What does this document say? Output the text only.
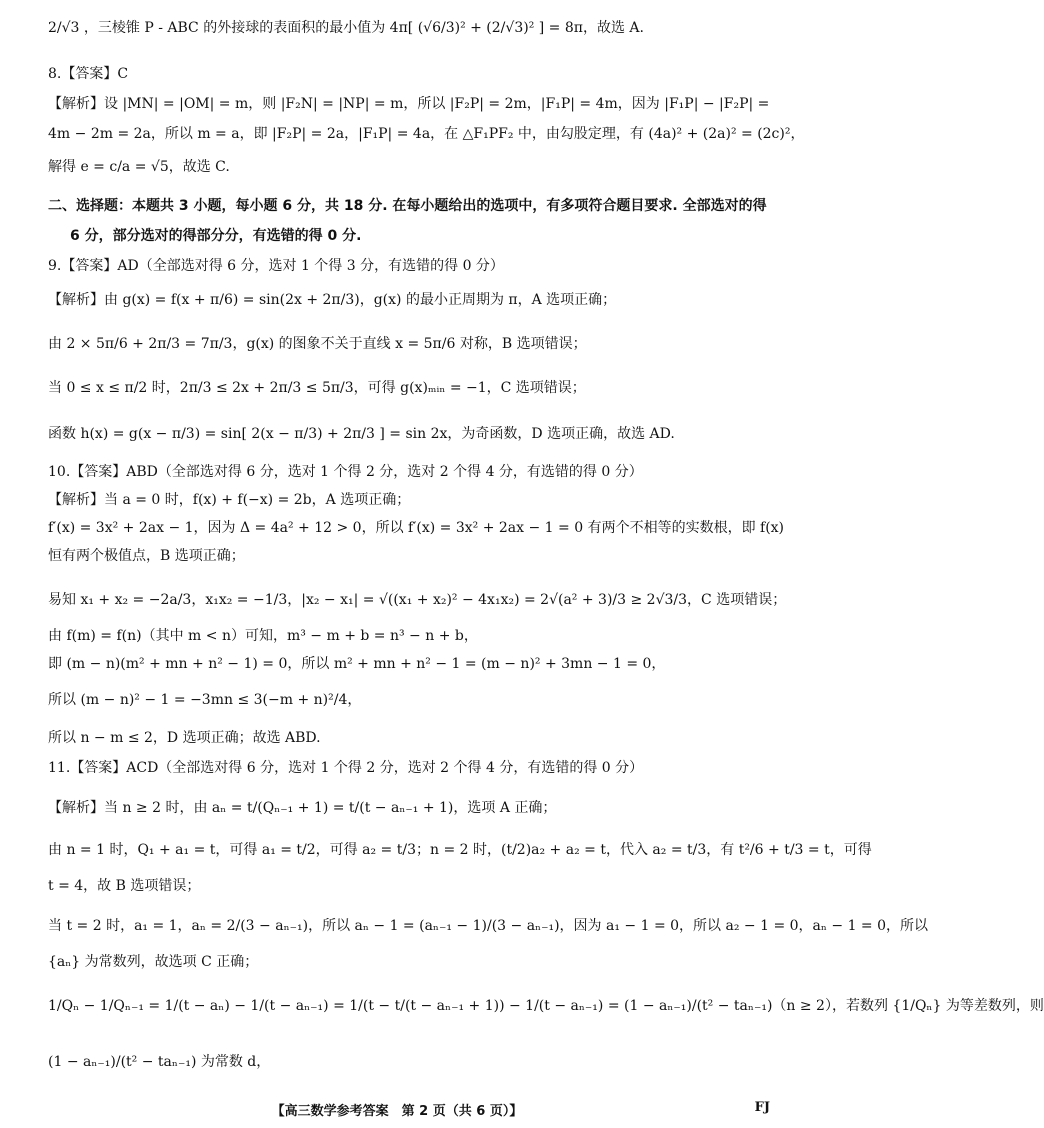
2/√3 ，三棱锥 P - ABC 的外接球的表面积的最小值为 4π[ (√6/3)² + (2/√3)² ] = 8π，故选 A.
8.【答案】C
【解析】设 |MN| = |OM| = m，则 |F₂N| = |NP| = m，所以 |F₂P| = 2m，|F₁P| = 4m，因为 |F₁P| − |F₂P| =
4m − 2m = 2a，所以 m = a，即 |F₂P| = 2a，|F₁P| = 4a，在 △F₁PF₂ 中，由勾股定理，有 (4a)² + (2a)² = (2c)²，
解得 e = c/a = √5，故选 C.
二、选择题：本题共 3 小题，每小题 6 分，共 18 分. 在每小题给出的选项中，有多项符合题目要求. 全部选对的得
6 分，部分选对的得部分分，有选错的得 0 分.
9.【答案】AD（全部选对得 6 分，选对 1 个得 3 分，有选错的得 0 分）
【解析】由 g(x) = f(x + π/6) = sin(2x + 2π/3)，g(x) 的最小正周期为 π，A 选项正确；
由 2 × 5π/6 + 2π/3 = 7π/3，g(x) 的图象不关于直线 x = 5π/6 对称，B 选项错误；
当 0 ≤ x ≤ π/2 时，2π/3 ≤ 2x + 2π/3 ≤ 5π/3，可得 g(x)ₘᵢₙ = −1，C 选项错误；
函数 h(x) = g(x − π/3) = sin[ 2(x − π/3) + 2π/3 ] = sin 2x，为奇函数，D 选项正确，故选 AD.
10.【答案】ABD（全部选对得 6 分，选对 1 个得 2 分，选对 2 个得 4 分，有选错的得 0 分）
【解析】当 a = 0 时，f(x) + f(−x) = 2b，A 选项正确；
f′(x) = 3x² + 2ax − 1，因为 Δ = 4a² + 12 > 0，所以 f′(x) = 3x² + 2ax − 1 = 0 有两个不相等的实数根，即 f(x)
恒有两个极值点，B 选项正确；
易知 x₁ + x₂ = −2a/3，x₁x₂ = −1/3，|x₂ − x₁| = √((x₁ + x₂)² − 4x₁x₂) = 2√(a² + 3)/3 ≥ 2√3/3，C 选项错误；
由 f(m) = f(n)（其中 m < n）可知，m³ − m + b = n³ − n + b，
即 (m − n)(m² + mn + n² − 1) = 0，所以 m² + mn + n² − 1 = (m − n)² + 3mn − 1 = 0，
所以 (m − n)² − 1 = −3mn ≤ 3(−m + n)²/4，
所以 n − m ≤ 2，D 选项正确；故选 ABD.
11.【答案】ACD（全部选对得 6 分，选对 1 个得 2 分，选对 2 个得 4 分，有选错的得 0 分）
【解析】当 n ≥ 2 时，由 aₙ = t/(Qₙ₋₁ + 1) = t/(t − aₙ₋₁ + 1)，选项 A 正确；
由 n = 1 时，Q₁ + a₁ = t，可得 a₁ = t/2，可得 a₂ = t/3；n = 2 时，(t/2)a₂ + a₂ = t，代入 a₂ = t/3，有 t²/6 + t/3 = t，可得
t = 4，故 B 选项错误；
当 t = 2 时，a₁ = 1，aₙ = 2/(3 − aₙ₋₁)，所以 aₙ − 1 = (aₙ₋₁ − 1)/(3 − aₙ₋₁)，因为 a₁ − 1 = 0，所以 a₂ − 1 = 0，aₙ − 1 = 0，所以
{aₙ} 为常数列，故选项 C 正确；
1/Qₙ − 1/Qₙ₋₁ = 1/(t − aₙ) − 1/(t − aₙ₋₁) = 1/(t − t/(t − aₙ₋₁ + 1)) − 1/(t − aₙ₋₁) = (1 − aₙ₋₁)/(t² − taₙ₋₁)（n ≥ 2），若数列 {1/Qₙ} 为等差数列，则
(1 − aₙ₋₁)/(t² − taₙ₋₁) 为常数 d，
【高三数学参考答案　第 2 页（共 6 页）】	FJ
